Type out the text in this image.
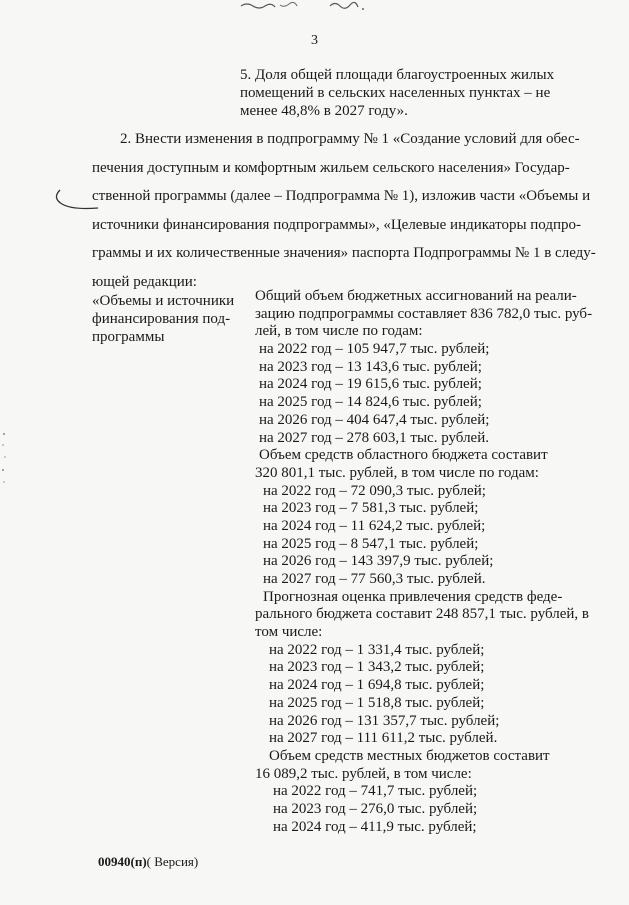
3
5. Доля общей площади благоустроенных жилых
помещений в сельских населенных пунктах – не
менее 48,8% в 2027 году».
2. Внести изменения в подпрограмму № 1 «Создание условий для обес-
печения доступным и комфортным жильем сельского населения» Государ-
ственной программы (далее – Подпрограмма № 1), изложив части «Объемы и
источники финансирования подпрограммы», «Целевые индикаторы подпро-
граммы и их количественные значения» паспорта Подпрограммы № 1 в следу-
ющей редакции:
«Объемы и источники
финансирования под-
программы
Общий объем бюджетных ассигнований на реали-
зацию подпрограммы составляет 836 782,0 тыс. руб-
лей, в том числе по годам:
на 2022 год – 105 947,7 тыс. рублей;
на 2023 год – 13 143,6 тыс. рублей;
на 2024 год – 19 615,6 тыс. рублей;
на 2025 год – 14 824,6 тыс. рублей;
на 2026 год – 404 647,4 тыс. рублей;
на 2027 год – 278 603,1 тыс. рублей.
Объем средств областного бюджета составит
320 801,1 тыс. рублей, в том числе по годам:
на 2022 год – 72 090,3 тыс. рублей;
на 2023 год – 7 581,3 тыс. рублей;
на 2024 год – 11 624,2 тыс. рублей;
на 2025 год – 8 547,1 тыс. рублей;
на 2026 год – 143 397,9 тыс. рублей;
на 2027 год – 77 560,3 тыс. рублей.
Прогнозная оценка привлечения средств феде-
рального бюджета составит 248 857,1 тыс. рублей, в
том числе:
на 2022 год – 1 331,4 тыс. рублей;
на 2023 год – 1 343,2 тыс. рублей;
на 2024 год – 1 694,8 тыс. рублей;
на 2025 год – 1 518,8 тыс. рублей;
на 2026 год – 131 357,7 тыс. рублей;
на 2027 год – 111 611,2 тыс. рублей.
Объем средств местных бюджетов составит
16 089,2 тыс. рублей, в том числе:
на 2022 год – 741,7 тыс. рублей;
на 2023 год – 276,0 тыс. рублей;
на 2024 год – 411,9 тыс. рублей;
00940(п)( Версия)
